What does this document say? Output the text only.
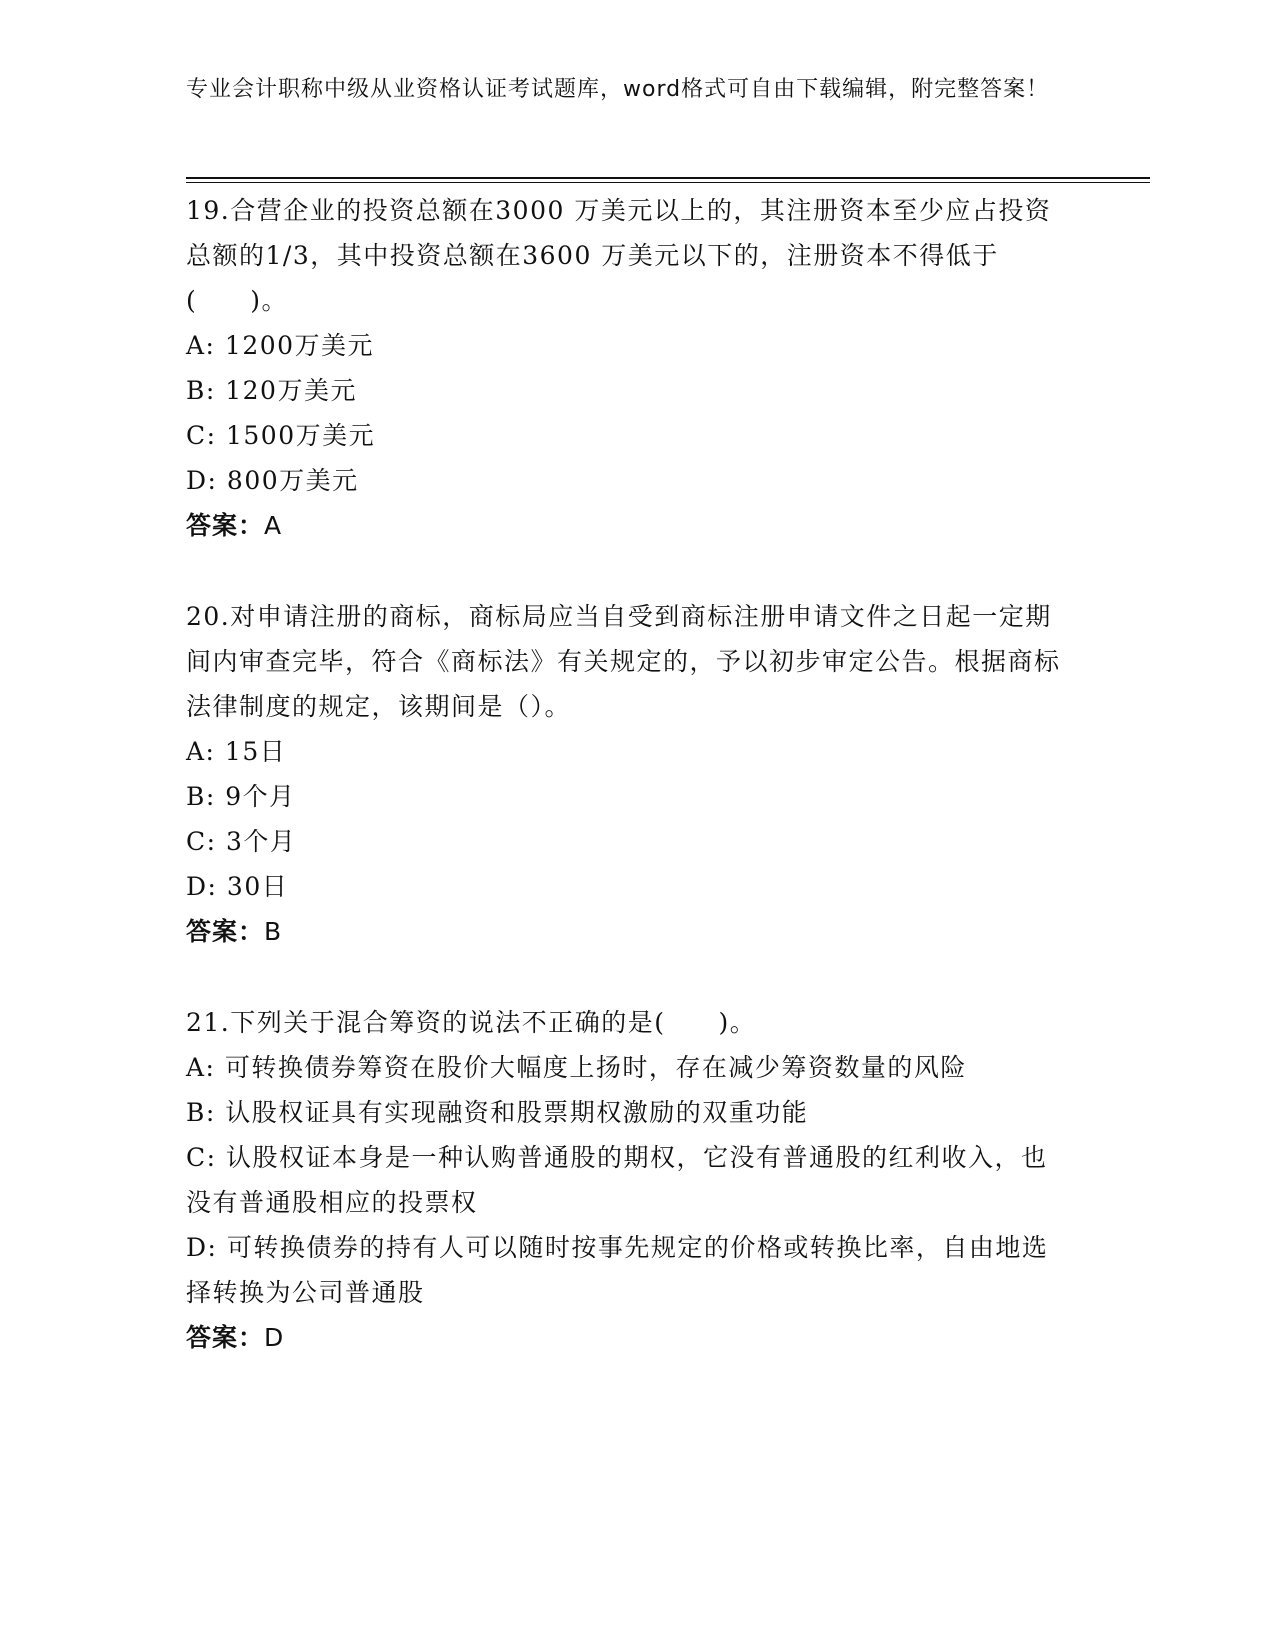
专业会计职称中级从业资格认证考试题库，word格式可自由下载编辑，附完整答案！

19.合营企业的投资总额在3000 万美元以上的，其注册资本至少应占投资总额的1/3，其中投资总额在3600 万美元以下的，注册资本不得低于(　　)。

A: 1200万美元

B: 120万美元

C: 1500万美元

D: 800万美元

答案：A

20.对申请注册的商标，商标局应当自受到商标注册申请文件之日起一定期间内审查完毕，符合《商标法》有关规定的，予以初步审定公告。根据商标法律制度的规定，该期间是（）。

A: 15日

B: 9个月

C: 3个月

D: 30日

答案：B

21.下列关于混合筹资的说法不正确的是(　　)。

A: 可转换债券筹资在股价大幅度上扬时，存在减少筹资数量的风险

B: 认股权证具有实现融资和股票期权激励的双重功能

C: 认股权证本身是一种认购普通股的期权，它没有普通股的红利收入，也没有普通股相应的投票权

D: 可转换债券的持有人可以随时按事先规定的价格或转换比率，自由地选择转换为公司普通股

答案：D
